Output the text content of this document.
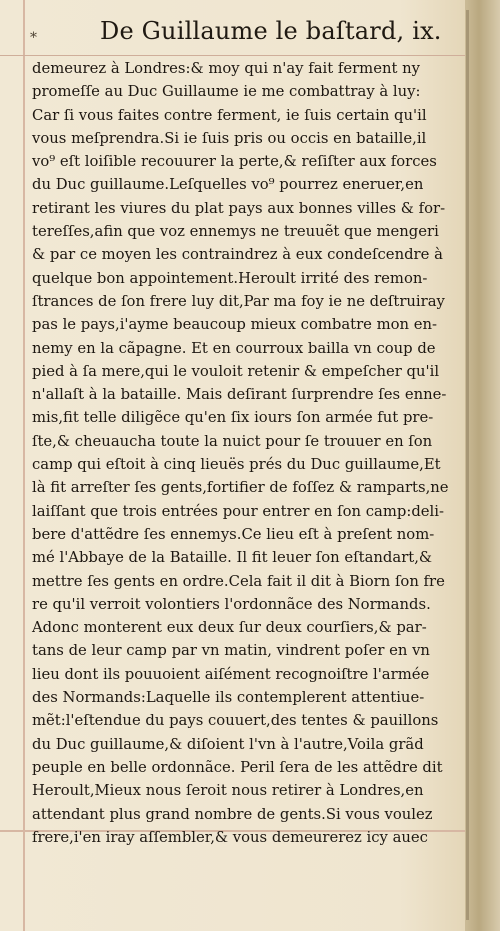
*	De Guillaume le baſtard, ix.
demeurez à Londres:& moy qui n'ay fait ferment ny
promeſſe au Duc Guillaume ie me combattray à luy:
Car ſi vous faites contre ferment, ie ſuis certain qu'il
vous meſprendra.Si ie ſuis pris ou occis en bataille,il
vo⁹ eſt loiſible recouurer la perte,& reſiſter aux forces
du Duc guillaume.Leſquelles vo⁹ pourrez eneruer,en
retirant les viures du plat pays aux bonnes villes & for-
tereſſes,afin que voz ennemys ne treuuẽt que mengeri
& par ce moyen les contraindrez à eux condeſcendre à
quelque bon appointement.Heroult irrité des remon-
ſtrances de ſon frere luy dit,Par ma foy ie ne deſtruiray
pas le pays,i'ayme beaucoup mieux combatre mon en-
nemy en la cãpagne. Et en courroux bailla vn coup de
pied à ſa mere,qui le vouloit retenir & empeſcher qu'il
n'allaſt à la bataille. Mais deſirant ſurprendre ſes enne-
mis,fit telle diligẽce qu'en ſix iours ſon armée fut pre-
ſte,& cheuaucha toute la nuict pour ſe trouuer en ſon
camp qui eſtoit à cinq lieuës prés du Duc guillaume,Et
là fit arreſter ſes gents,fortifier de foſſez & ramparts,ne
laiſſant que trois entrées pour entrer en ſon camp:deli-
bere d'attẽdre ſes ennemys.Ce lieu eſt à preſent nom-
mé l'Abbaye de la Bataille. Il fit leuer ſon eſtandart,&
mettre ſes gents en ordre.Cela fait il dit à Biorn ſon fre
re qu'il verroit volontiers l'ordonnãce des Normands.
Adonc monterent eux deux ſur deux courſiers,& par-
tans de leur camp par vn matin, vindrent poſer en vn
lieu dont ils pouuoient aiſément recognoiſtre l'armée
des Normands:Laquelle ils contemplerent attentiue-
mẽt:l'eſtendue du pays couuert,des tentes & pauillons
du Duc guillaume,& diſoient l'vn à l'autre,Voila grãd
peuple en belle ordonnãce. Peril ſera de les attẽdre dit
Heroult,Mieux nous ſeroit nous retirer à Londres,en
attendant plus grand nombre de gents.Si vous voulez
frere,i'en iray aſſembler,& vous demeurerez icy auec
